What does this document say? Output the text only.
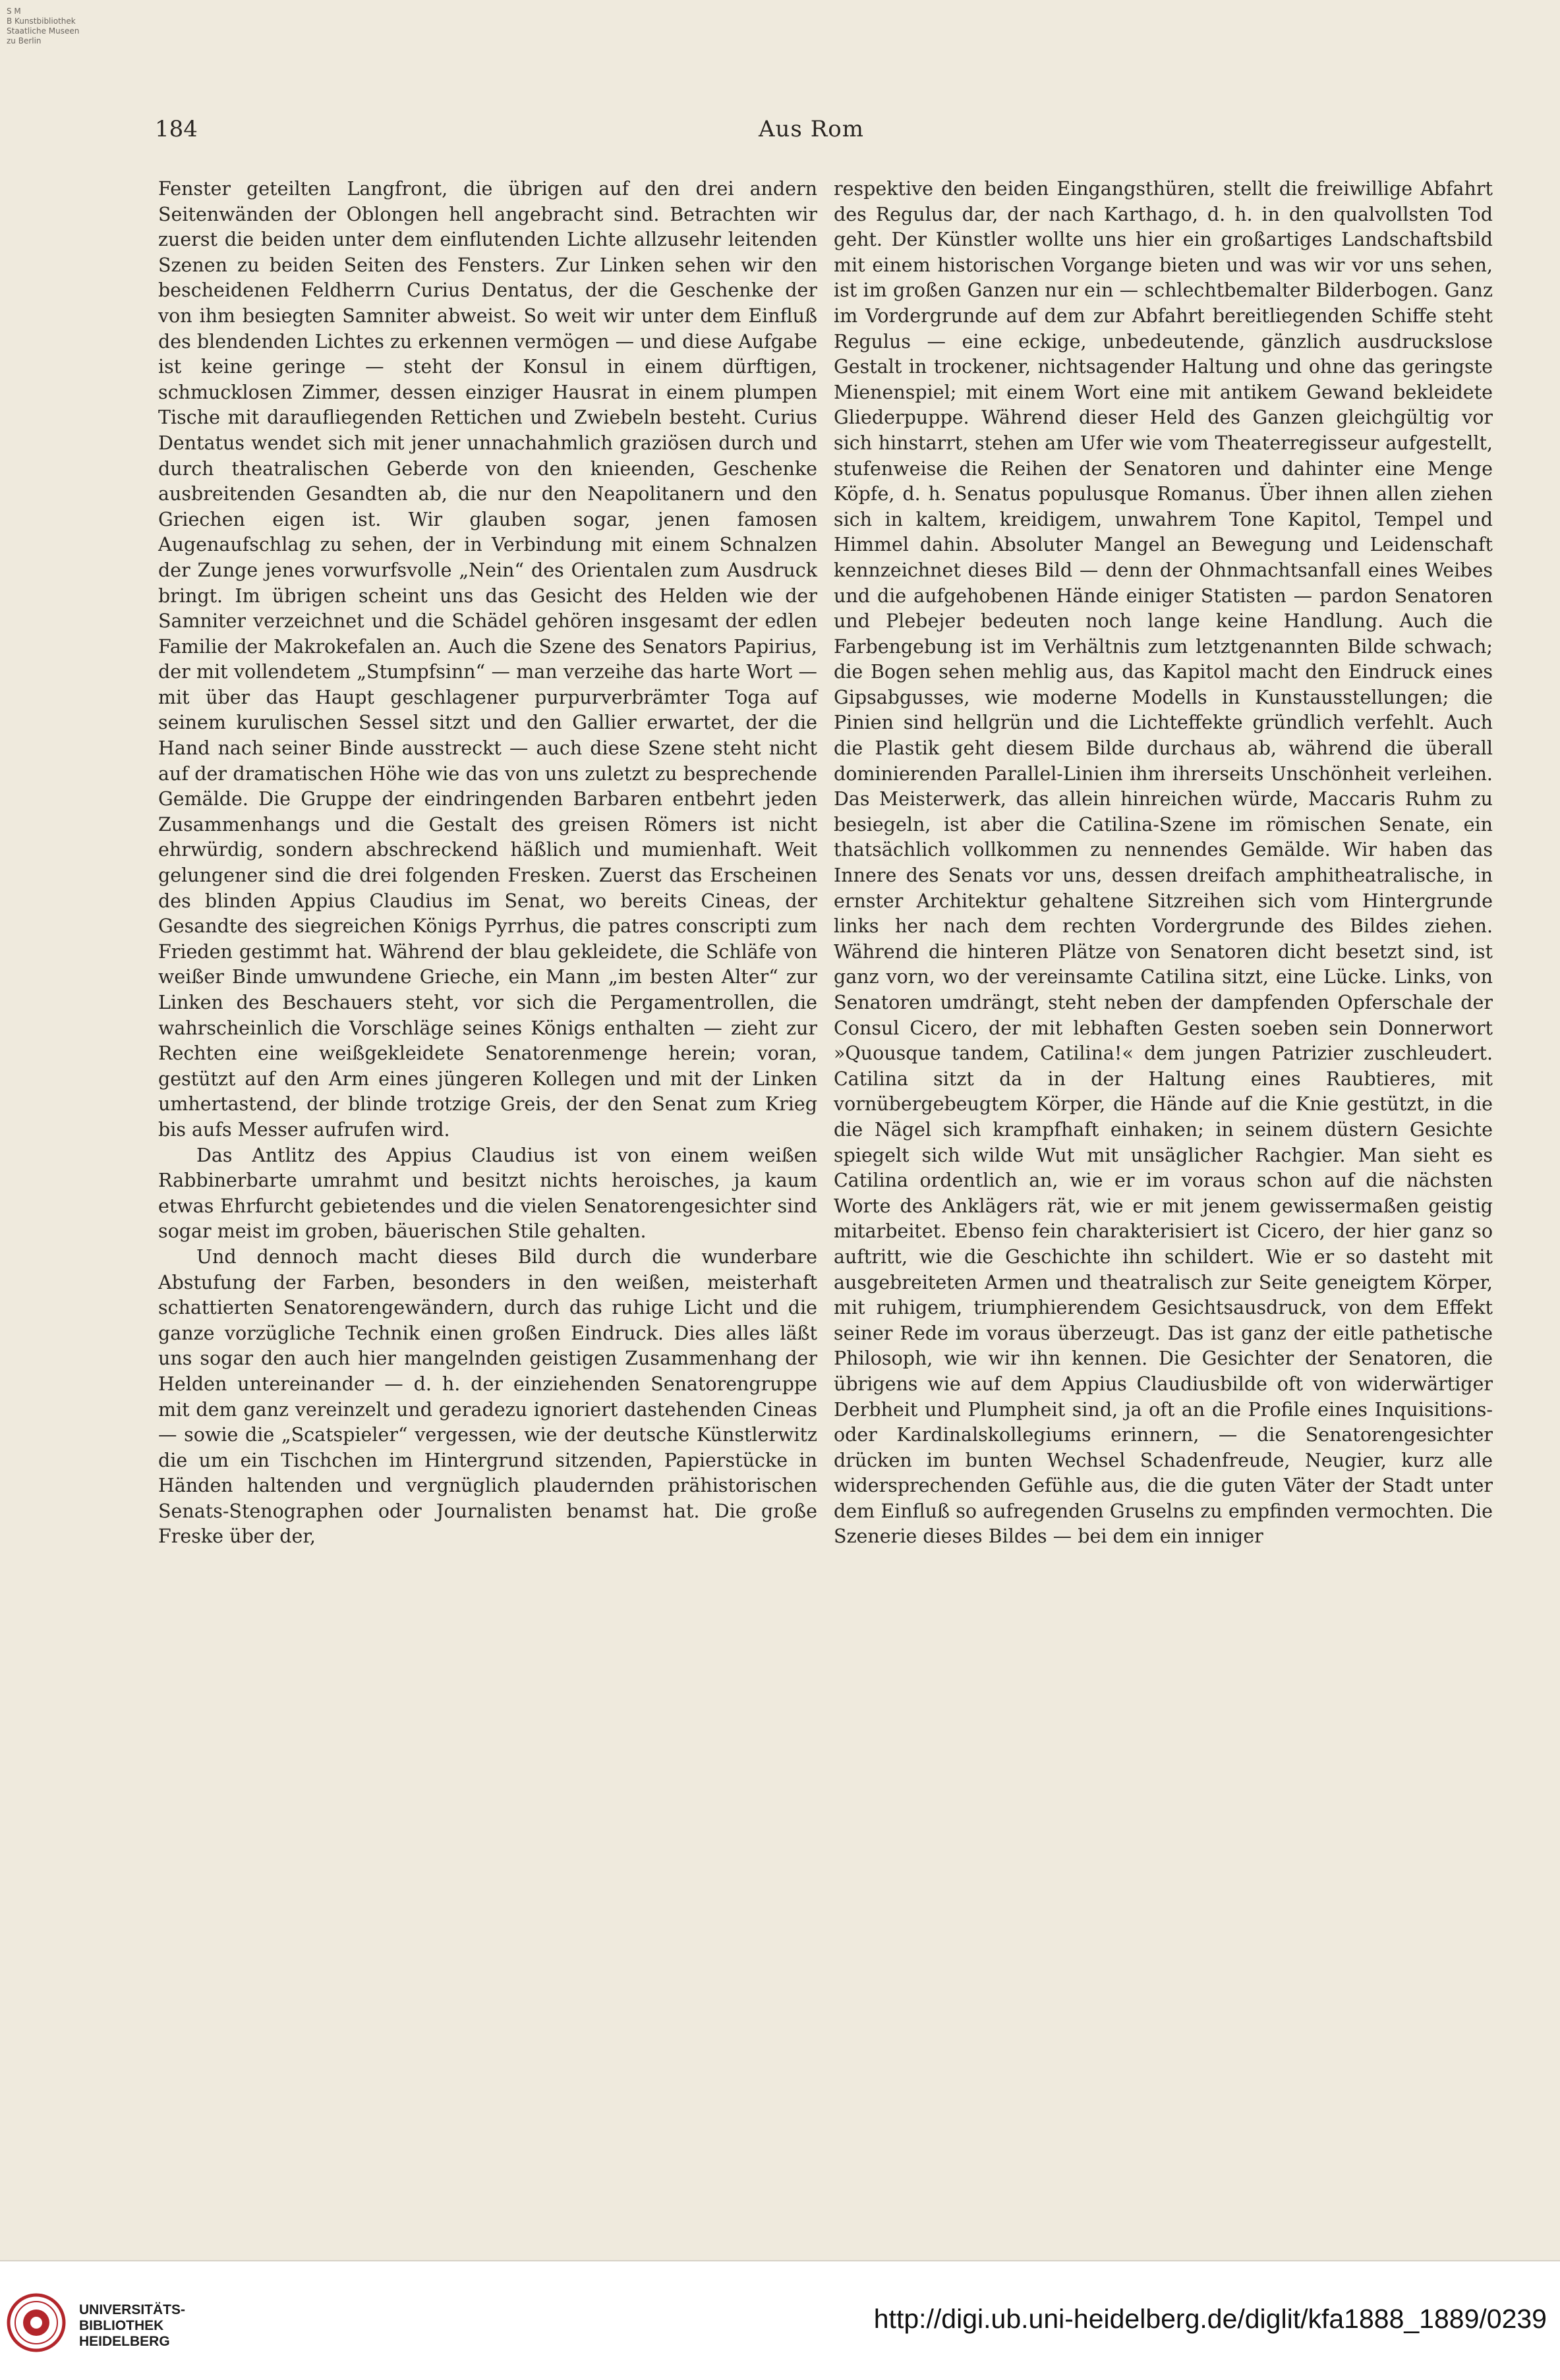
S M
B Kunstbibliothek
Staatliche Museen
zu Berlin
184	Aus Rom

Fenster geteilten Langfront, die übrigen auf den drei andern Seitenwänden der Oblongen hell angebracht sind. Betrachten wir zuerst die beiden unter dem einflutenden Lichte allzusehr leitenden Szenen zu beiden Seiten des Fensters. Zur Linken sehen wir den bescheidenen Feldherrn Curius Dentatus, der die Geschenke der von ihm besiegten Samniter abweist. So weit wir unter dem Einfluß des blendenden Lichtes zu erkennen vermögen — und diese Aufgabe ist keine geringe — steht der Konsul in einem dürftigen, schmucklosen Zimmer, dessen einziger Hausrat in einem plumpen Tische mit daraufliegenden Rettichen und Zwiebeln besteht. Curius Dentatus wendet sich mit jener unnachahmlich graziösen durch und durch theatralischen Geberde von den knieenden, Geschenke ausbreitenden Gesandten ab, die nur den Neapolitanern und den Griechen eigen ist. Wir glauben sogar, jenen famosen Augenaufschlag zu sehen, der in Verbindung mit einem Schnalzen der Zunge jenes vorwurfsvolle „Nein“ des Orientalen zum Ausdruck bringt. Im übrigen scheint uns das Gesicht des Helden wie der Samniter verzeichnet und die Schädel gehören insgesamt der edlen Familie der Makrokefalen an. Auch die Szene des Senators Papirius, der mit vollendetem „Stumpfsinn“ — man verzeihe das harte Wort — mit über das Haupt geschlagener purpurverbrämter Toga auf seinem kurulischen Sessel sitzt und den Gallier erwartet, der die Hand nach seiner Binde ausstreckt — auch diese Szene steht nicht auf der dramatischen Höhe wie das von uns zuletzt zu besprechende Gemälde. Die Gruppe der eindringenden Barbaren entbehrt jeden Zusammenhangs und die Gestalt des greisen Römers ist nicht ehrwürdig, sondern abschreckend häßlich und mumienhaft. Weit gelungener sind die drei folgenden Fresken. Zuerst das Erscheinen des blinden Appius Claudius im Senat, wo bereits Cineas, der Gesandte des siegreichen Königs Pyrrhus, die patres conscripti zum Frieden gestimmt hat. Während der blau gekleidete, die Schläfe von weißer Binde umwundene Grieche, ein Mann „im besten Alter“ zur Linken des Beschauers steht, vor sich die Pergamentrollen, die wahrscheinlich die Vorschläge seines Königs enthalten — zieht zur Rechten eine weißgekleidete Senatorenmenge herein; voran, gestützt auf den Arm eines jüngeren Kollegen und mit der Linken umhertastend, der blinde trotzige Greis, der den Senat zum Krieg bis aufs Messer aufrufen wird.

Das Antlitz des Appius Claudius ist von einem weißen Rabbinerbarte umrahmt und besitzt nichts heroisches, ja kaum etwas Ehrfurcht gebietendes und die vielen Senatorengesichter sind sogar meist im groben, bäuerischen Stile gehalten.

Und dennoch macht dieses Bild durch die wunderbare Abstufung der Farben, besonders in den weißen, meisterhaft schattierten Senatorengewändern, durch das ruhige Licht und die ganze vorzügliche Technik einen großen Eindruck. Dies alles läßt uns sogar den auch hier mangelnden geistigen Zusammenhang der Helden untereinander — d. h. der einziehenden Senatorengruppe mit dem ganz vereinzelt und geradezu ignoriert dastehenden Cineas — sowie die „Scatspieler“ vergessen, wie der deutsche Künstlerwitz die um ein Tischchen im Hintergrund sitzenden, Papierstücke in Händen haltenden und vergnüglich plaudernden prähistorischen Senats-Stenographen oder Journalisten benamst hat. Die große Freske über der,

respektive den beiden Eingangsthüren, stellt die freiwillige Abfahrt des Regulus dar, der nach Karthago, d. h. in den qualvollsten Tod geht. Der Künstler wollte uns hier ein großartiges Landschaftsbild mit einem historischen Vorgange bieten und was wir vor uns sehen, ist im großen Ganzen nur ein — schlechtbemalter Bilderbogen. Ganz im Vordergrunde auf dem zur Abfahrt bereitliegenden Schiffe steht Regulus — eine eckige, unbedeutende, gänzlich ausdruckslose Gestalt in trockener, nichtsagender Haltung und ohne das geringste Mienenspiel; mit einem Wort eine mit antikem Gewand bekleidete Gliederpuppe. Während dieser Held des Ganzen gleichgültig vor sich hinstarrt, stehen am Ufer wie vom Theaterregisseur aufgestellt, stufenweise die Reihen der Senatoren und dahinter eine Menge Köpfe, d. h. Senatus populusque Romanus. Über ihnen allen ziehen sich in kaltem, kreidigem, unwahrem Tone Kapitol, Tempel und Himmel dahin. Absoluter Mangel an Bewegung und Leidenschaft kennzeichnet dieses Bild — denn der Ohnmachtsanfall eines Weibes und die aufgehobenen Hände einiger Statisten — pardon Senatoren und Plebejer bedeuten noch lange keine Handlung. Auch die Farbengebung ist im Verhältnis zum letztgenannten Bilde schwach; die Bogen sehen mehlig aus, das Kapitol macht den Eindruck eines Gipsabgusses, wie moderne Modells in Kunstausstellungen; die Pinien sind hellgrün und die Lichteffekte gründlich verfehlt. Auch die Plastik geht diesem Bilde durchaus ab, während die überall dominierenden Parallel-Linien ihm ihrerseits Unschönheit verleihen. Das Meisterwerk, das allein hinreichen würde, Maccaris Ruhm zu besiegeln, ist aber die Catilina-Szene im römischen Senate, ein thatsächlich vollkommen zu nennendes Gemälde. Wir haben das Innere des Senats vor uns, dessen dreifach amphitheatralische, in ernster Architektur gehaltene Sitzreihen sich vom Hintergrunde links her nach dem rechten Vordergrunde des Bildes ziehen. Während die hinteren Plätze von Senatoren dicht besetzt sind, ist ganz vorn, wo der vereinsamte Catilina sitzt, eine Lücke. Links, von Senatoren umdrängt, steht neben der dampfenden Opferschale der Consul Cicero, der mit lebhaften Gesten soeben sein Donnerwort »Quousque tandem, Catilina!« dem jungen Patrizier zuschleudert. Catilina sitzt da in der Haltung eines Raubtieres, mit vornübergebeugtem Körper, die Hände auf die Knie gestützt, in die die Nägel sich krampfhaft einhaken; in seinem düstern Gesichte spiegelt sich wilde Wut mit unsäglicher Rachgier. Man sieht es Catilina ordentlich an, wie er im voraus schon auf die nächsten Worte des Anklägers rät, wie er mit jenem gewissermaßen geistig mitarbeitet. Ebenso fein charakterisiert ist Cicero, der hier ganz so auftritt, wie die Geschichte ihn schildert. Wie er so dasteht mit ausgebreiteten Armen und theatralisch zur Seite geneigtem Körper, mit ruhigem, triumphierendem Gesichtsausdruck, von dem Effekt seiner Rede im voraus überzeugt. Das ist ganz der eitle pathetische Philosoph, wie wir ihn kennen. Die Gesichter der Senatoren, die übrigens wie auf dem Appius Claudiusbilde oft von widerwärtiger Derbheit und Plumpheit sind, ja oft an die Profile eines Inquisitions- oder Kardinalskollegiums erinnern, — die Senatorengesichter drücken im bunten Wechsel Schadenfreude, Neugier, kurz alle widersprechenden Gefühle aus, die die guten Väter der Stadt unter dem Einfluß so aufregenden Gruselns zu empfinden vermochten. Die Szenerie dieses Bildes — bei dem ein inniger

UNIVERSITÄTS-
BIBLIOTHEK
HEIDELBERG
http://digi.ub.uni-heidelberg.de/diglit/kfa1888_1889/0239
